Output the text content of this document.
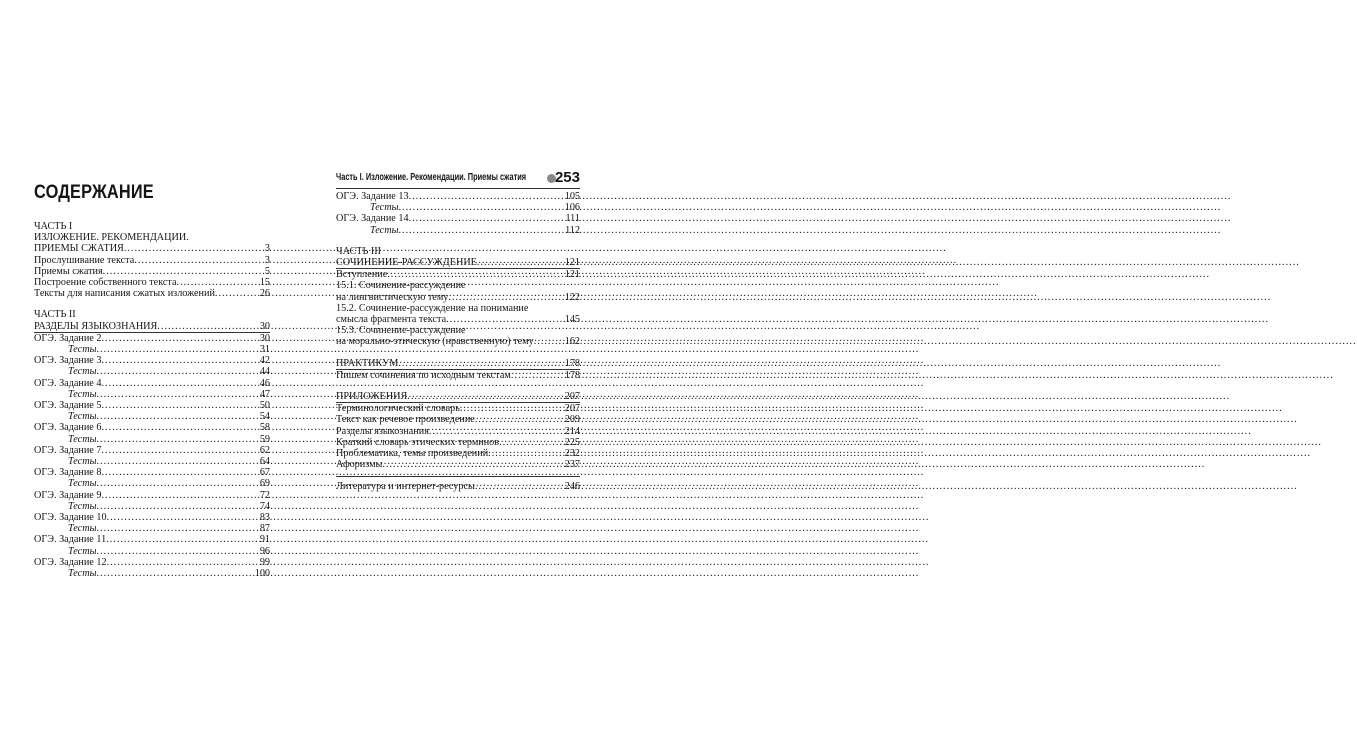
СОДЕРЖАНИЕ
ЧАСТЬ I
ИЗЛОЖЕНИЕ. РЕКОМЕНДАЦИИ.
ПРИЕМЫ СЖАТИЯ .....	3
Прослушивание текста .....	3
Приемы сжатия .....	5
Построение собственного текста .....	15
Тексты для написания сжатых изложений .....	26
ЧАСТЬ II
РАЗДЕЛЫ ЯЗЫКОЗНАНИЯ .....	30
ОГЭ. Задание 2 .....	30
Тесты .....	31
ОГЭ. Задание 3 .....	42
Тесты .....	44
ОГЭ. Задание 4 .....	46
Тесты .....	47
ОГЭ. Задание 5 .....	50
Тесты .....	54
ОГЭ. Задание 6 .....	58
Тесты .....	59
ОГЭ. Задание 7 .....	62
Тесты .....	64
ОГЭ. Задание 8 .....	67
Тесты .....	69
ОГЭ. Задание 9 .....	72
Тесты .....	74
ОГЭ. Задание 10 .....	83
Тесты .....	87
ОГЭ. Задание 11 .....	91
Тесты .....	96
ОГЭ. Задание 12 .....	99
Тесты .....	100
Часть I. Изложение. Рекомендации. Приемы сжатия 253
ОГЭ. Задание 13 .....	105
Тесты .....	106
ОГЭ. Задание 14 .....	111
Тесты .....	112
ЧАСТЬ III
СОЧИНЕНИЕ-РАССУЖДЕНИЕ .....	121
Вступление .....	121
15.1. Сочинение-рассуждение
на лингвистическую тему .....	122
15.2. Сочинение-рассуждение на понимание
смысла фрагмента текста .....	145
15.3. Сочинение-рассуждение
на морально-этическую (нравственную) тему .....	162
ПРАКТИКУМ .....	178
Пишем сочинения по исходным текстам .....	178
ПРИЛОЖЕНИЯ .....	207
Терминологический словарь .....	207
Текст как речевое произведение .....	209
Разделы языкознания .....	214
Краткий словарь этических терминов .....	225
Проблематика, темы произведений .....	232
Афоризмы .....	237
Литература и интернет-ресурсы .....	246
